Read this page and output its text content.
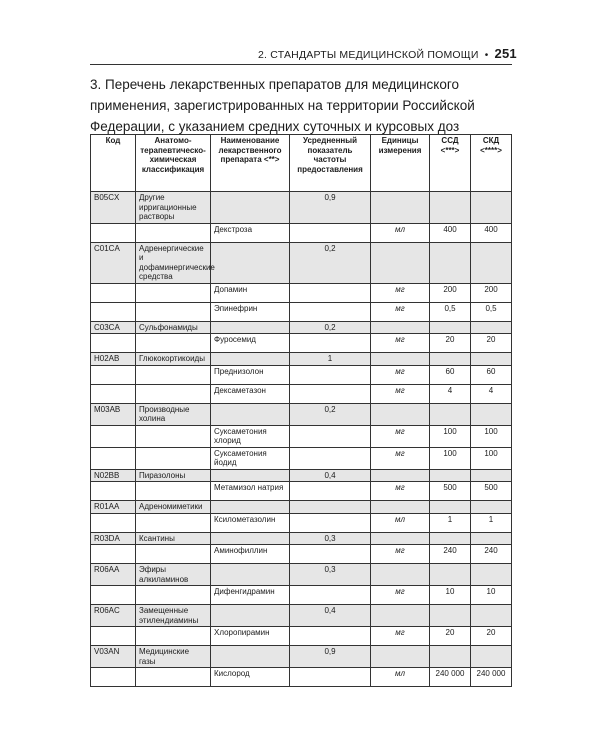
2. СТАНДАРТЫ МЕДИЦИНСКОЙ ПОМОЩИ • 251
3. Перечень лекарственных препаратов для медицинского применения, зарегистрированных на территории Российской Федерации, с указанием средних суточных и курсовых доз
Код	Анатомо-терапевтическо-химическая классификация	Наименование лекарственного препарата <**>	Усредненный показатель частоты предоставления	Единицы измерения	ССД <***>	СКД <****>
B05CX	Другие ирригационные растворы		0,9			
		Декстроза		мл	400	400
C01CA	Адренергические и дофаминергические средства		0,2			
		Допамин		мг	200	200
		Эпинефрин		мг	0,5	0,5
C03CA	Сульфонамиды		0,2			
		Фуросемид		мг	20	20
H02AB	Глюкокортикоиды		1			
		Преднизолон		мг	60	60
		Дексаметазон		мг	4	4
M03AB	Производные холина		0,2			
		Суксаметония хлорид		мг	100	100
		Суксаметония йодид		мг	100	100
N02BB	Пиразолоны		0,4			
		Метамизол натрия		мг	500	500
R01AA	Адреномиметики					
		Ксилометазолин		мл	1	1
R03DA	Ксантины		0,3			
		Аминофиллин		мг	240	240
R06AA	Эфиры алкиламинов		0,3			
		Дифенгидрамин		мг	10	10
R06AC	Замещенные этилендиамины		0,4			
		Хлоропирамин		мг	20	20
V03AN	Медицинские газы		0,9			
		Кислород		мл	240 000	240 000
